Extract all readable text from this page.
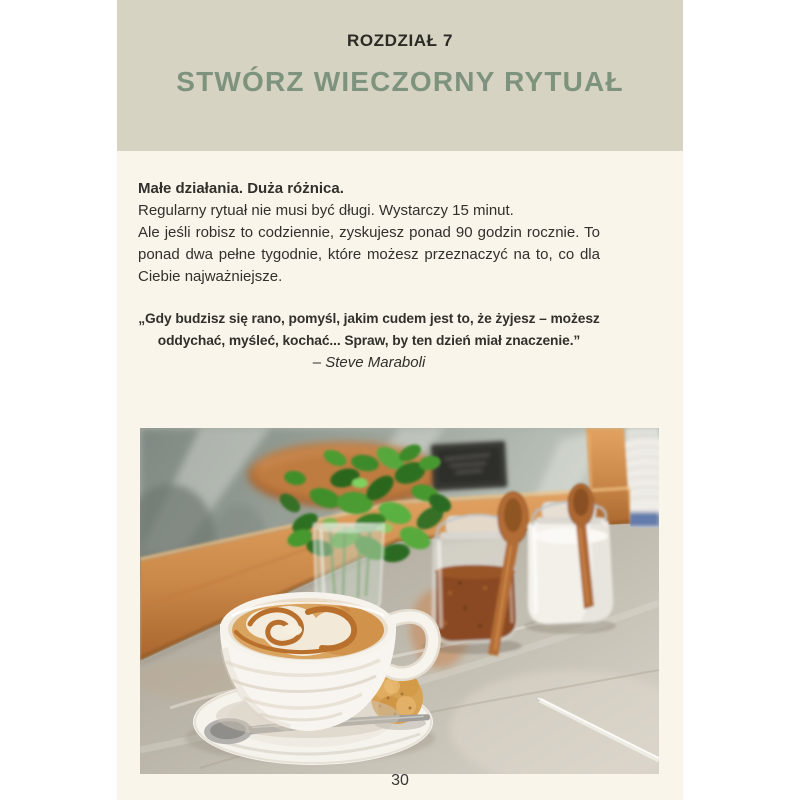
ROZDZIAŁ 7
STWÓRZ WIECZORNY RYTUAŁ

Małe działania. Duża różnica.

Regularny rytuał nie musi być długi. Wystarczy 15 minut.

Ale jeśli robisz to codziennie, zyskujesz ponad 90 godzin rocznie. To ponad dwa pełne tygodnie, które możesz przeznaczyć na to, co dla Ciebie najważniejsze.

„Gdy budzisz się rano, pomyśl, jakim cudem jest to, że żyjesz – możesz
oddychać, myśleć, kochać... Spraw, by ten dzień miał znaczenie.”
– Steve Maraboli
30
